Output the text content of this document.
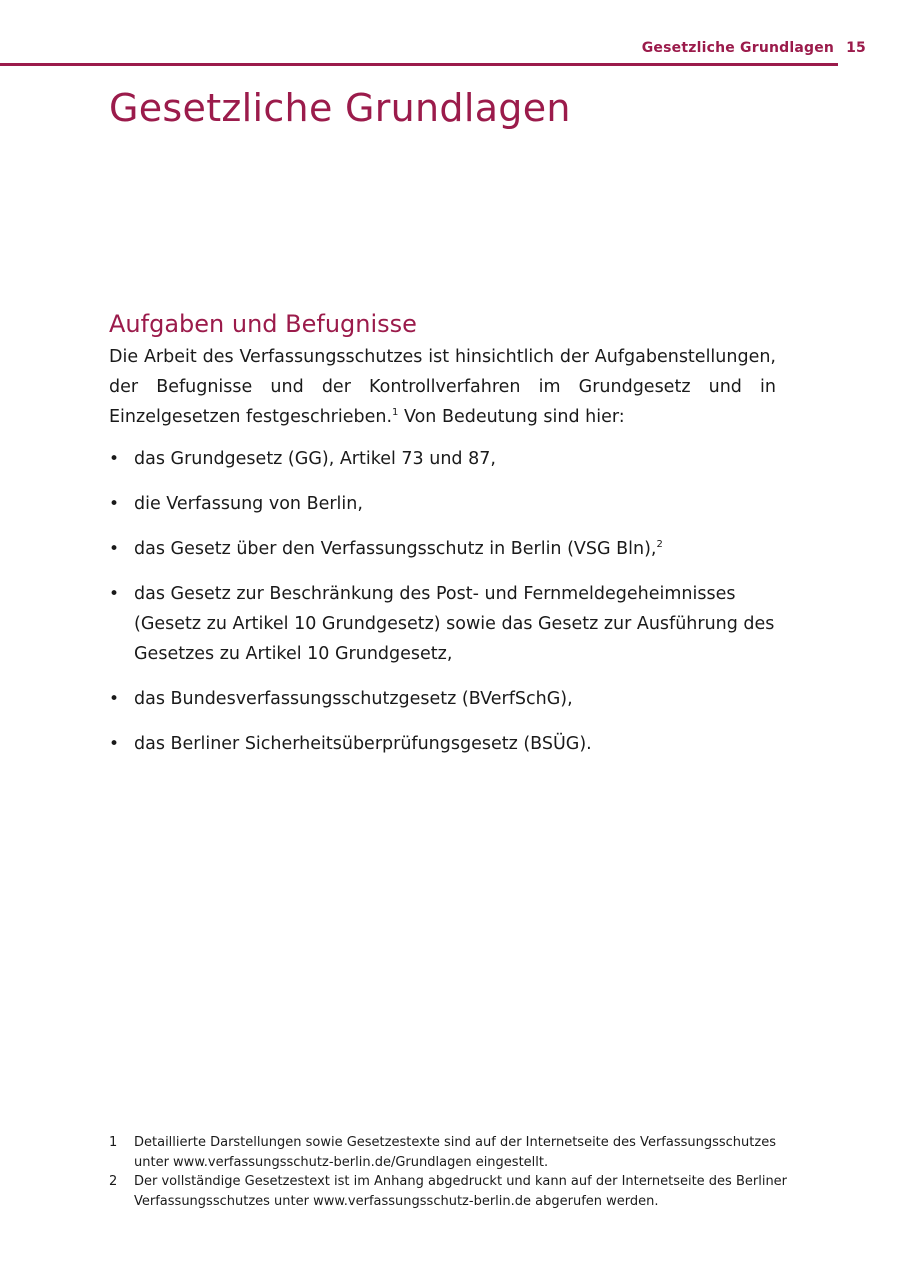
Gesetzliche Grundlagen 15
Gesetzliche Grundlagen
Aufgaben und Befugnisse

Die Arbeit des Verfassungsschutzes ist hinsichtlich der Aufgabenstellungen, der Befugnisse und der Kontrollverfahren im Grundgesetz und in Einzelgesetzen festgeschrieben.$^1$ Von Bedeutung sind hier:

• das Grundgesetz (GG), Artikel 73 und 87,
• die Verfassung von Berlin,
• das Gesetz über den Verfassungsschutz in Berlin (VSG Bln),$^2$
• das Gesetz zur Beschränkung des Post- und Fernmeldegeheimnisses (Gesetz zu Artikel 10 Grundgesetz) sowie das Gesetz zur Ausführung des Gesetzes zu Artikel 10 Grundgesetz,
• das Bundesverfassungsschutzgesetz (BVerfSchG),
• das Berliner Sicherheitsüberprüfungsgesetz (BSÜG).
1 Detaillierte Darstellungen sowie Gesetzestexte sind auf der Internetseite des Verfassungsschutzes unter www.verfassungsschutz-berlin.de/Grundlagen eingestellt.
2 Der vollständige Gesetzestext ist im Anhang abgedruckt und kann auf der Internetseite des Berliner Verfassungsschutzes unter www.verfassungsschutz-berlin.de abgerufen werden.
